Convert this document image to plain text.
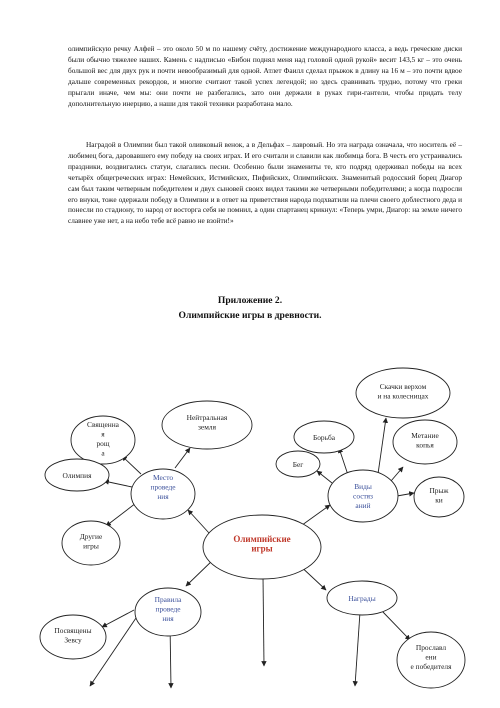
олимпийскую речку Алфей – это около 50 м по нашему счёту, достижение международного класса, а ведь греческие диски были обычно тяжелее наших. Камень с надписью «Бибон поднял меня над головой одной рукой» весит 143,5 кг – это очень большой вес для двух рук и почти невообразимый для одной. Атлет Фаилл сделал прыжок в длину на 16 м – это почти вдвое дальше современных рекордов, и многие считают такой успех легендой; но здесь сравнивать трудно, потому что греки прыгали иначе, чем мы: они почти не разбегались, зато они держали в руках гири-гантели, чтобы придать телу дополнительную инерцию, а наши для такой техники разработана мало.

Наградой в Олимпии был такой оливковый венок, а в Дельфах – лавровый. Но эта награда означала, что носитель её – любимец бога, даровавшего ему победу на своих играх. И его считали и славили как любимца бога. В честь его устраивались праздники, воздвигались статуи, слагались песни. Особенно были знамениты те, кто подряд одерживал победы на всех четырёх общегреческих играх: Немейских, Истмийских, Пифийских, Олимпийских. Знаменитый родосский борец Диагор сам был таким четверным победителем и двух сыновей своих видел такими же четверными победителями; а когда подросли его внуки, тоже одержали победу в Олимпии и в ответ на приветствия народа подхватили на плечи своего доблестного деда и понесли по стадиону, то народ от восторга себя не помнил, а один спартанец крикнул: «Теперь умри, Диагор: на земле ничего славнее уже нет, а на небо тебе всё равно не взойти!»

Приложение 2.
Олимпийские игры в древности.
Олимпийские игры
Место проведе ния
Виды состяз аний
Правила проведе ния
Награды
Священна я рощ а
Нейтральная земля
Олимпия
Другие игры
Борьба
Скачки верхом и на колесницах
Бег
Метание копья
Прыж ки
Посвящены Зевсу
Прославл ени е победителя
